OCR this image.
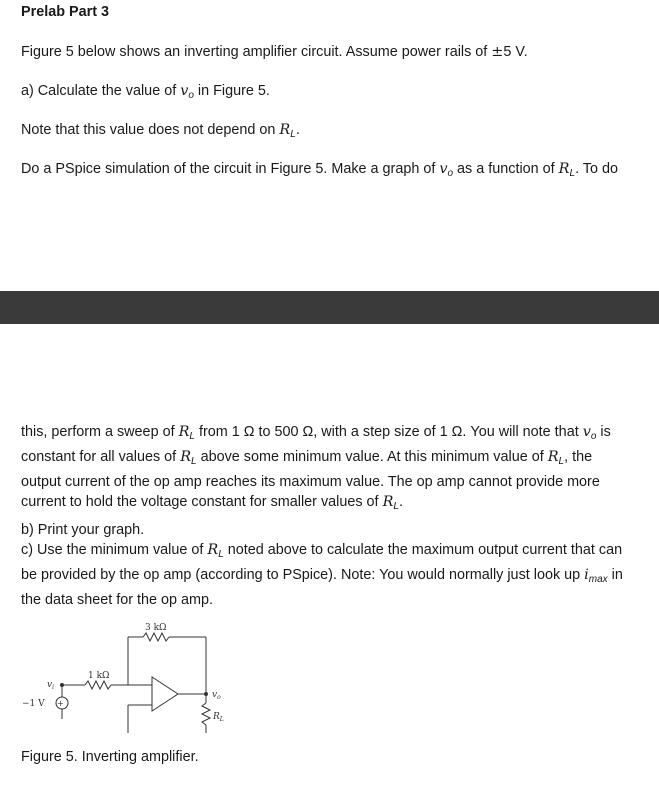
Prelab Part 3
Figure 5 below shows an inverting amplifier circuit. Assume power rails of ±5 V.
a) Calculate the value of $v_o$ in Figure 5.
Note that this value does not depend on $R_L$.
Do a PSpice simulation of the circuit in Figure 5. Make a graph of $v_o$ as a function of $R_L$. To do
this, perform a sweep of $R_L$ from 1 Ω to 500 Ω, with a step size of 1 Ω. You will note that $v_o$ is
constant for all values of $R_L$ above some minimum value. At this minimum value of $R_L$, the
output current of the op amp reaches its maximum value. The op amp cannot provide more
current to hold the voltage constant for smaller values of $R_L$.
b) Print your graph.
c) Use the minimum value of $R_L$ noted above to calculate the maximum output current that can
be provided by the op amp (according to PSpice). Note: You would normally just look up $i_{max}$ in
the data sheet for the op amp.
+
3 kΩ
1 kΩ
$v_i$
−1 V
$v_o$
$R_L$
Figure 5. Inverting amplifier.
